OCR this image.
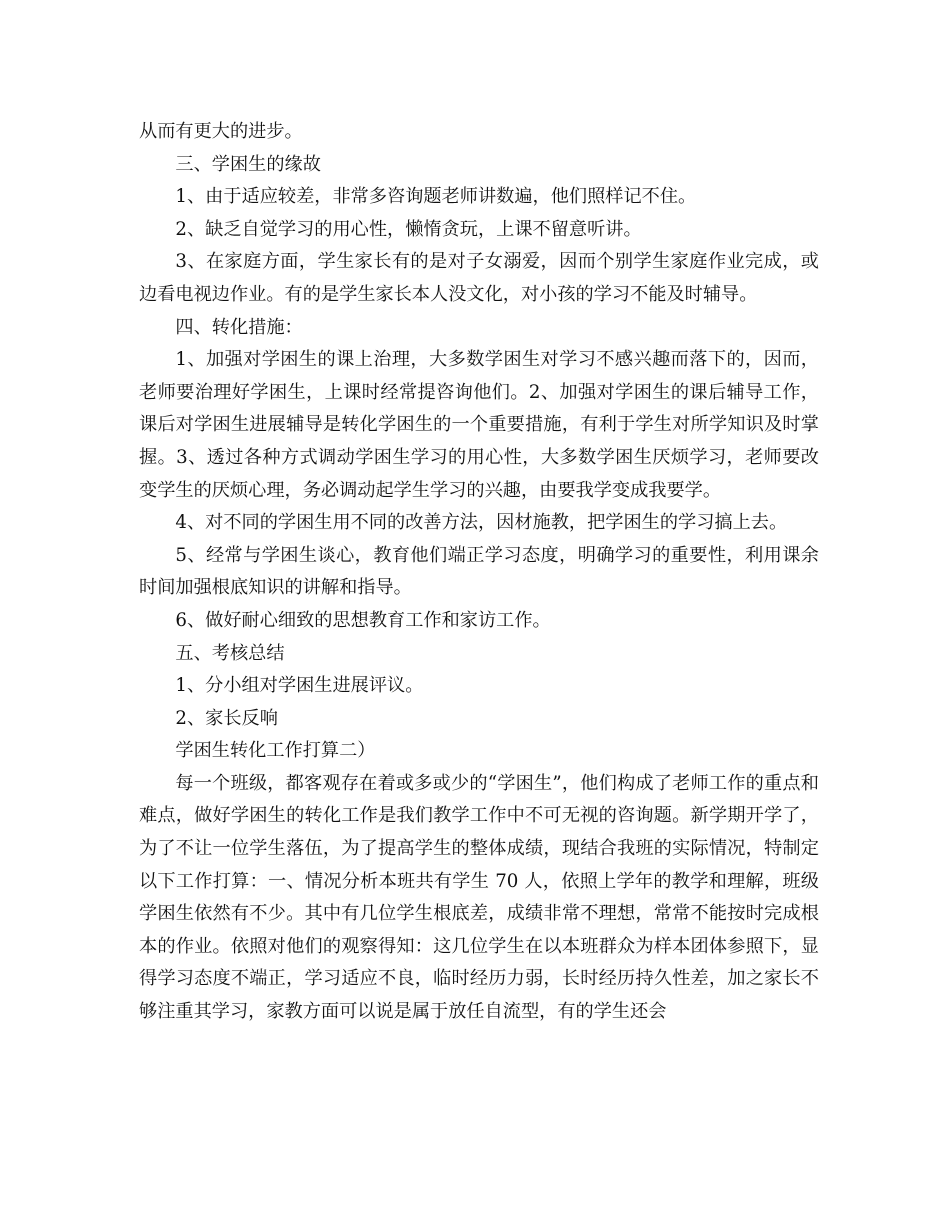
从而有更大的进步。

三、学困生的缘故

1、由于适应较差，非常多咨询题老师讲数遍，他们照样记不住。

2、缺乏自觉学习的用心性，懒惰贪玩，上课不留意听讲。

3、在家庭方面，学生家长有的是对子女溺爱，因而个别学生家庭作业完成，或边看电视边作业。有的是学生家长本人没文化，对小孩的学习不能及时辅导。

四、转化措施：

1、加强对学困生的课上治理，大多数学困生对学习不感兴趣而落下的，因而，老师要治理好学困生，上课时经常提咨询他们。2、加强对学困生的课后辅导工作，课后对学困生进展辅导是转化学困生的一个重要措施，有利于学生对所学知识及时掌握。3、透过各种方式调动学困生学习的用心性，大多数学困生厌烦学习，老师要改变学生的厌烦心理，务必调动起学生学习的兴趣，由要我学变成我要学。

4、对不同的学困生用不同的改善方法，因材施教，把学困生的学习搞上去。

5、经常与学困生谈心，教育他们端正学习态度，明确学习的重要性，利用课余时间加强根底知识的讲解和指导。

6、做好耐心细致的思想教育工作和家访工作。

五、考核总结

1、分小组对学困生进展评议。

2、家长反响

学困生转化工作打算二）

每一个班级，都客观存在着或多或少的“学困生”，他们构成了老师工作的重点和难点，做好学困生的转化工作是我们教学工作中不可无视的咨询题。新学期开学了，为了不让一位学生落伍，为了提高学生的整体成绩，现结合我班的实际情况，特制定以下工作打算：一、情况分析本班共有学生 70 人，依照上学年的教学和理解，班级学困生依然有不少。其中有几位学生根底差，成绩非常不理想，常常不能按时完成根本的作业。依照对他们的观察得知：这几位学生在以本班群众为样本团体参照下，显得学习态度不端正，学习适应不良，临时经历力弱，长时经历持久性差，加之家长不够注重其学习，家教方面可以说是属于放任自流型，有的学生还会
